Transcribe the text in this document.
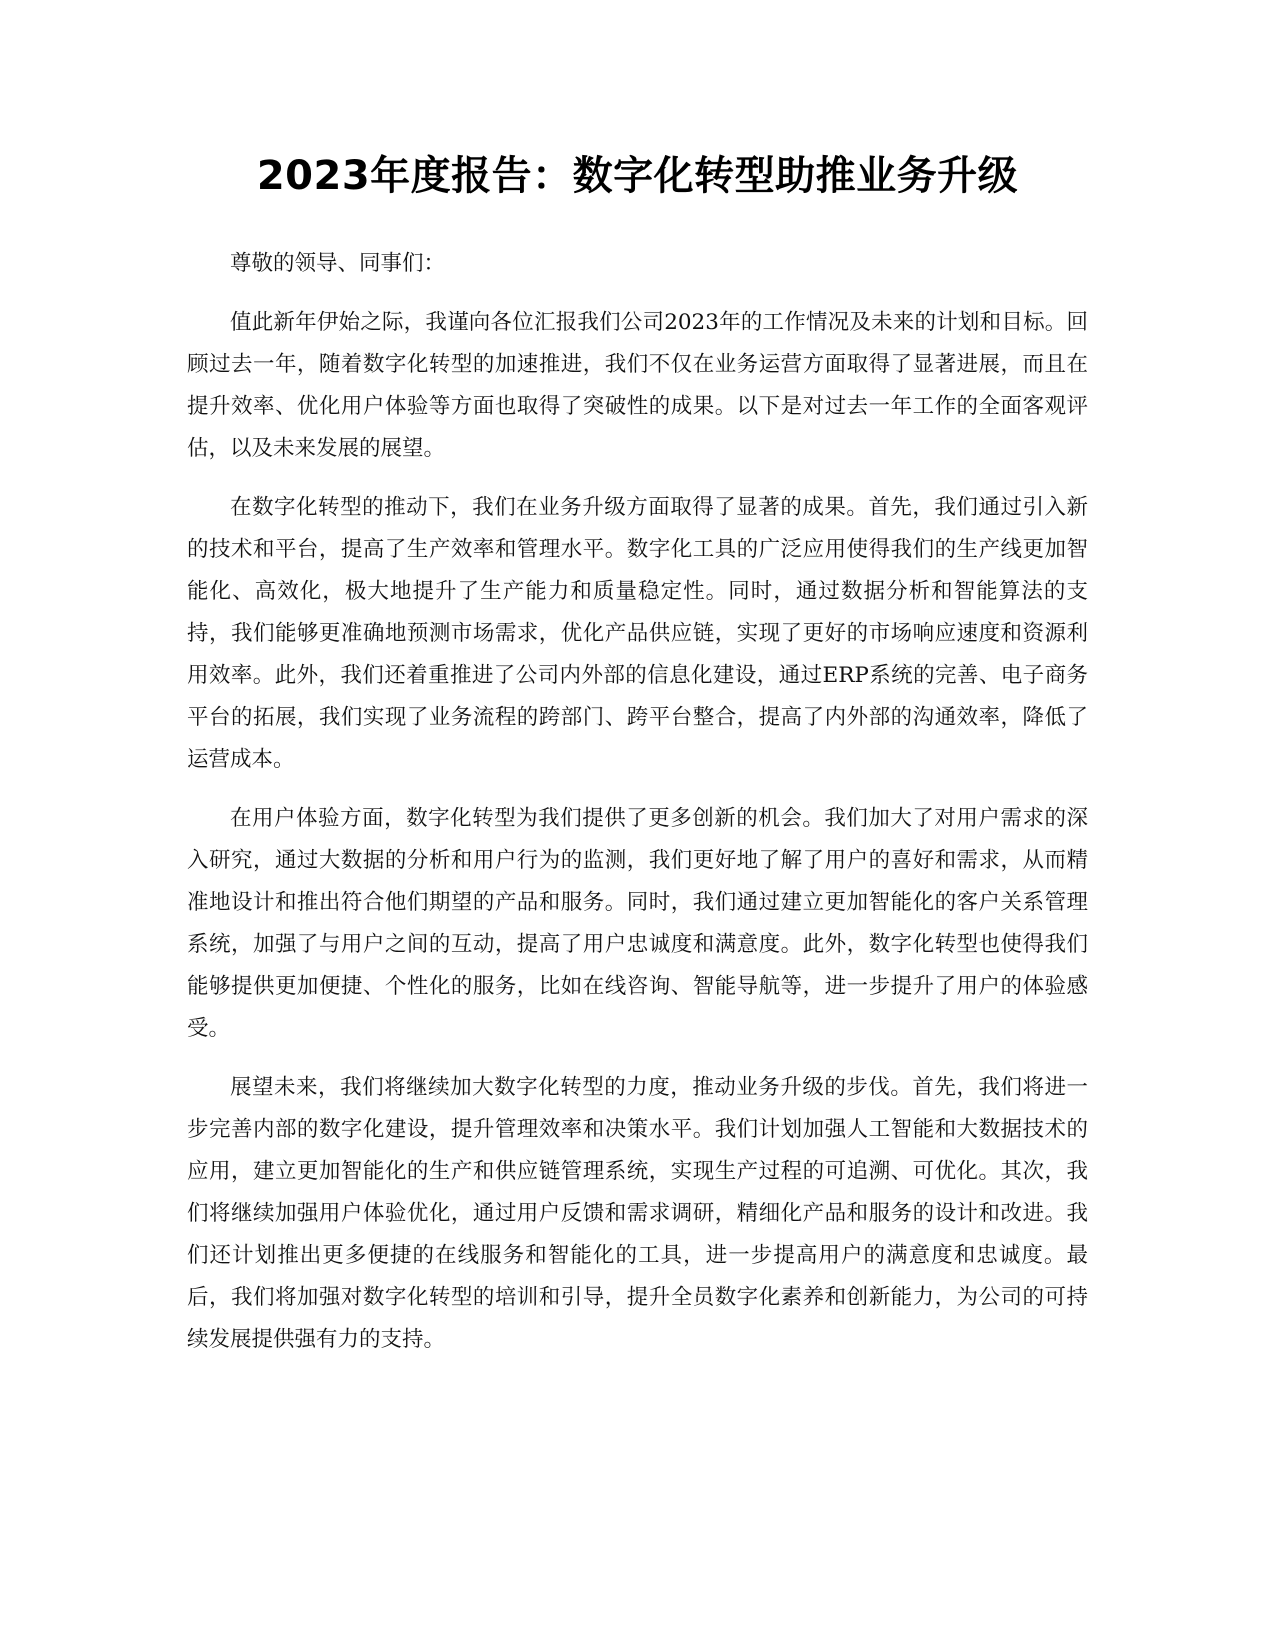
2023年度报告：数字化转型助推业务升级

尊敬的领导、同事们：

值此新年伊始之际，我谨向各位汇报我们公司2023年的工作情况及未来的计划和目标。回顾过去一年，随着数字化转型的加速推进，我们不仅在业务运营方面取得了显著进展，而且在提升效率、优化用户体验等方面也取得了突破性的成果。以下是对过去一年工作的全面客观评估，以及未来发展的展望。

在数字化转型的推动下，我们在业务升级方面取得了显著的成果。首先，我们通过引入新的技术和平台，提高了生产效率和管理水平。数字化工具的广泛应用使得我们的生产线更加智能化、高效化，极大地提升了生产能力和质量稳定性。同时，通过数据分析和智能算法的支持，我们能够更准确地预测市场需求，优化产品供应链，实现了更好的市场响应速度和资源利用效率。此外，我们还着重推进了公司内外部的信息化建设，通过ERP系统的完善、电子商务平台的拓展，我们实现了业务流程的跨部门、跨平台整合，提高了内外部的沟通效率，降低了运营成本。

在用户体验方面，数字化转型为我们提供了更多创新的机会。我们加大了对用户需求的深入研究，通过大数据的分析和用户行为的监测，我们更好地了解了用户的喜好和需求，从而精准地设计和推出符合他们期望的产品和服务。同时，我们通过建立更加智能化的客户关系管理系统，加强了与用户之间的互动，提高了用户忠诚度和满意度。此外，数字化转型也使得我们能够提供更加便捷、个性化的服务，比如在线咨询、智能导航等，进一步提升了用户的体验感受。

展望未来，我们将继续加大数字化转型的力度，推动业务升级的步伐。首先，我们将进一步完善内部的数字化建设，提升管理效率和决策水平。我们计划加强人工智能和大数据技术的应用，建立更加智能化的生产和供应链管理系统，实现生产过程的可追溯、可优化。其次，我们将继续加强用户体验优化，通过用户反馈和需求调研，精细化产品和服务的设计和改进。我们还计划推出更多便捷的在线服务和智能化的工具，进一步提高用户的满意度和忠诚度。最后，我们将加强对数字化转型的培训和引导，提升全员数字化素养和创新能力，为公司的可持续发展提供强有力的支持。
